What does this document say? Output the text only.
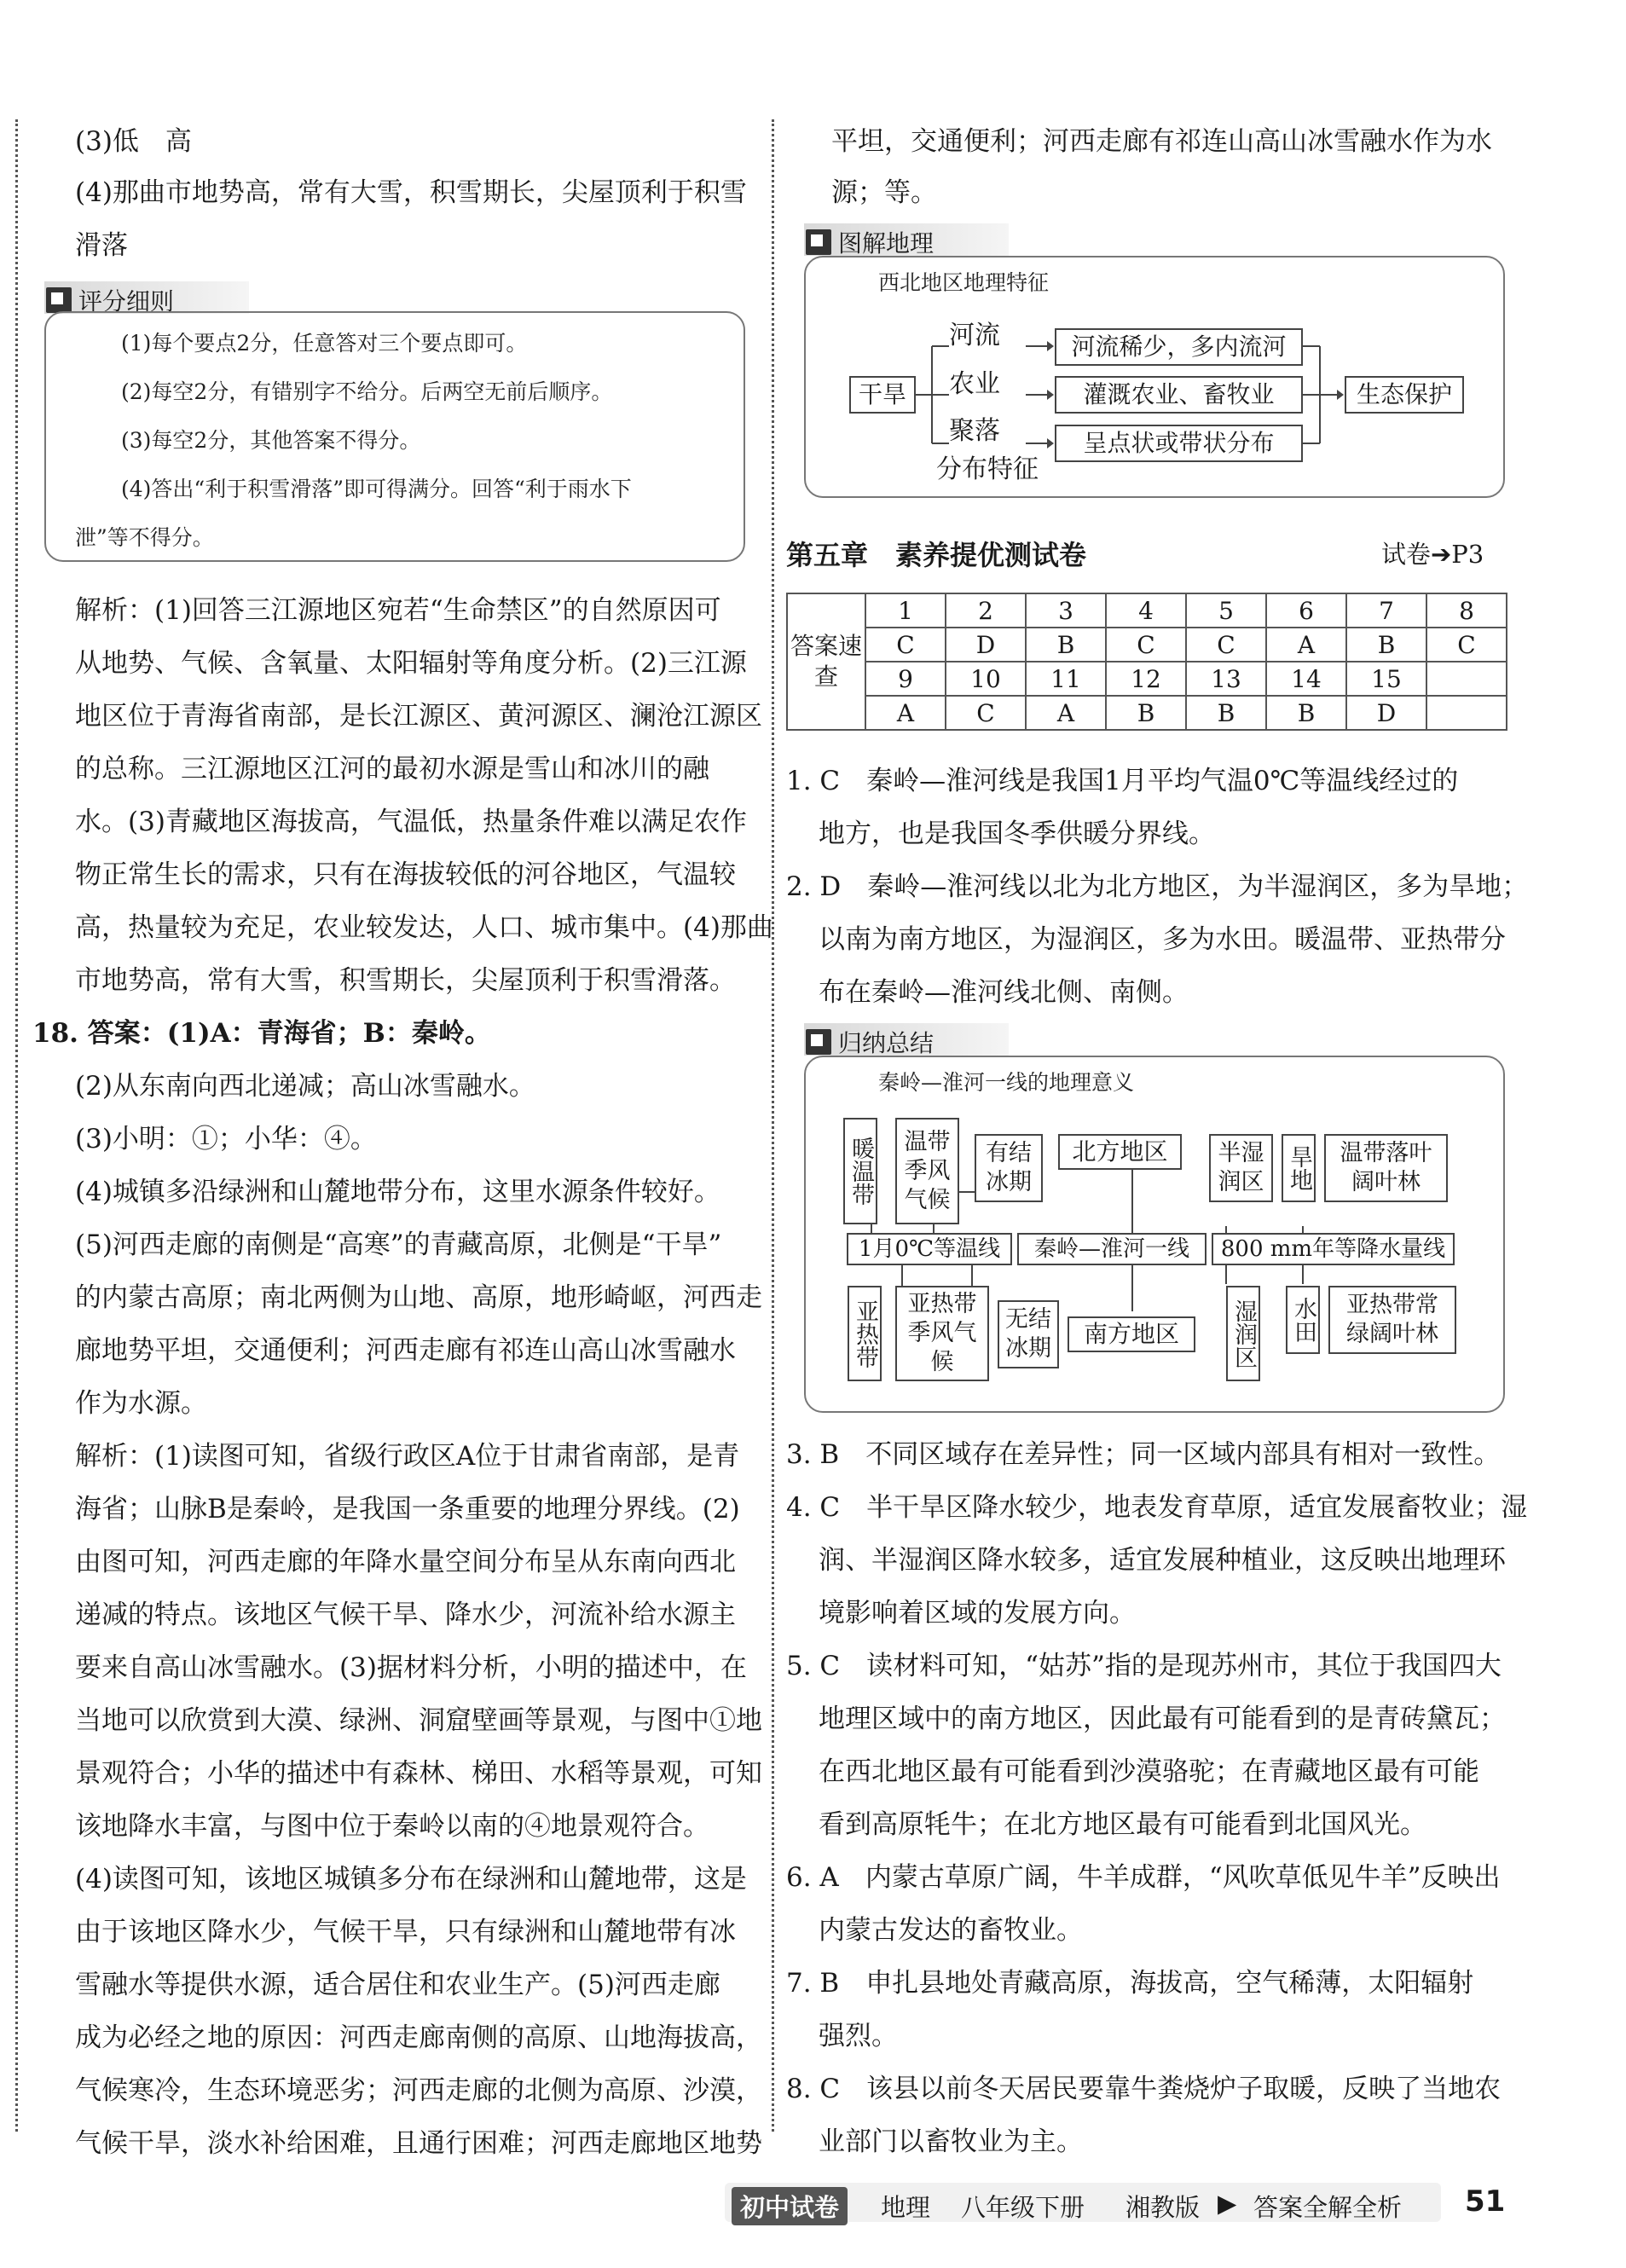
(3)低　高
(4)那曲市地势高，常有大雪，积雪期长，尖屋顶利于积雪
滑落
评分细则
(1)每个要点2分，任意答对三个要点即可。
(2)每空2分，有错别字不给分。后两空无前后顺序。
(3)每空2分，其他答案不得分。
(4)答出“利于积雪滑落”即可得满分。回答“利于雨水下
泄”等不得分。
解析：(1)回答三江源地区宛若“生命禁区”的自然原因可
从地势、气候、含氧量、太阳辐射等角度分析。(2)三江源
地区位于青海省南部，是长江源区、黄河源区、澜沧江源区
的总称。三江源地区江河的最初水源是雪山和冰川的融
水。(3)青藏地区海拔高，气温低，热量条件难以满足农作
物正常生长的需求，只有在海拔较低的河谷地区，气温较
高，热量较为充足，农业较发达，人口、城市集中。(4)那曲
市地势高，常有大雪，积雪期长，尖屋顶利于积雪滑落。
18. 答案：(1)A：青海省；B：秦岭。
(2)从东南向西北递减；高山冰雪融水。
(3)小明：①；小华：④。
(4)城镇多沿绿洲和山麓地带分布，这里水源条件较好。
(5)河西走廊的南侧是“高寒”的青藏高原，北侧是“干旱”
的内蒙古高原；南北两侧为山地、高原，地形崎岖，河西走
廊地势平坦，交通便利；河西走廊有祁连山高山冰雪融水
作为水源。
解析：(1)读图可知，省级行政区A位于甘肃省南部，是青
海省；山脉B是秦岭，是我国一条重要的地理分界线。(2)
由图可知，河西走廊的年降水量空间分布呈从东南向西北
递减的特点。该地区气候干旱、降水少，河流补给水源主
要来自高山冰雪融水。(3)据材料分析，小明的描述中，在
当地可以欣赏到大漠、绿洲、洞窟壁画等景观，与图中①地
景观符合；小华的描述中有森林、梯田、水稻等景观，可知
该地降水丰富，与图中位于秦岭以南的④地景观符合。
(4)读图可知，该地区城镇多分布在绿洲和山麓地带，这是
由于该地区降水少，气候干旱，只有绿洲和山麓地带有冰
雪融水等提供水源，适合居住和农业生产。(5)河西走廊
成为必经之地的原因：河西走廊南侧的高原、山地海拔高，
气候寒冷，生态环境恶劣；河西走廊的北侧为高原、沙漠，
气候干旱，淡水补给困难，且通行困难；河西走廊地区地势
平坦，交通便利；河西走廊有祁连山高山冰雪融水作为水
源；等。
图解地理
西北地区地理特征
干旱
河流
农业
聚落
分布特征
河流稀少，多内流河
灌溉农业、畜牧业
呈点状或带状分布
生态保护
第五章　素养提优测试卷	试卷➔P3
答案速查	1	2	3	4	5	6	7	8
	C	D	B	C	C	A	B	C
	9	10	11	12	13	14	15	
	A	C	A	B	B	B	D	
1. C　秦岭—淮河线是我国1月平均气温0℃等温线经过的
地方，也是我国冬季供暖分界线。
2. D　秦岭—淮河线以北为北方地区，为半湿润区，多为旱地；
以南为南方地区，为湿润区，多为水田。暖温带、亚热带分
布在秦岭—淮河线北侧、南侧。
归纳总结
秦岭—淮河一线的地理意义
暖温带	温带季风气候
有结冰期
北方地区	半湿润区 旱地	温带落叶阔叶林
1月0℃等温线	秦岭—淮河一线	800 mm年等降水量线
亚热带	亚热带季风气候
无结冰期
南方地区	湿润区 水田	亚热带常绿阔叶林
3. B　不同区域存在差异性；同一区域内部具有相对一致性。
4. C　半干旱区降水较少，地表发育草原，适宜发展畜牧业；湿
润、半湿润区降水较多，适宜发展种植业，这反映出地理环
境影响着区域的发展方向。
5. C　读材料可知，“姑苏”指的是现苏州市，其位于我国四大
地理区域中的南方地区，因此最有可能看到的是青砖黛瓦；
在西北地区最有可能看到沙漠骆驼；在青藏地区最有可能
看到高原牦牛；在北方地区最有可能看到北国风光。
6. A　内蒙古草原广阔，牛羊成群，“风吹草低见牛羊”反映出
内蒙古发达的畜牧业。
7. B　申扎县地处青藏高原，海拔高，空气稀薄，太阳辐射
强烈。
8. C　该县以前冬天居民要靠牛粪烧炉子取暖，反映了当地农
业部门以畜牧业为主。
初中试卷	地理 八年级下册 湘教版 ▶ 答案全解全析 51
